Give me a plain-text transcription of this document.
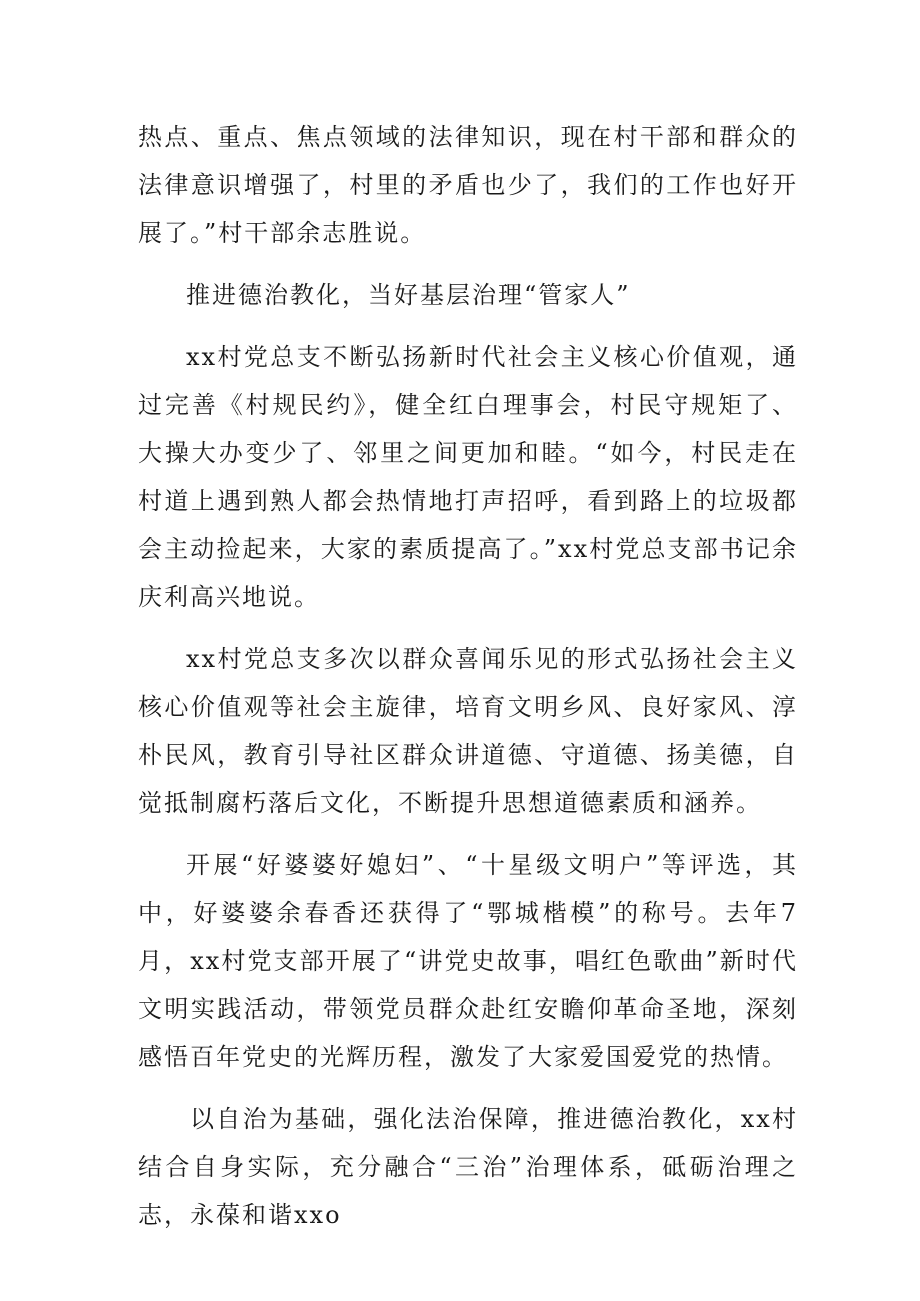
热点、重点、焦点领域的法律知识，现在村干部和群众的法律意识增强了，村里的矛盾也少了，我们的工作也好开展了。”村干部余志胜说。

推进德治教化，当好基层治理“管家人”

xx村党总支不断弘扬新时代社会主义核心价值观，通过完善《村规民约》，健全红白理事会，村民守规矩了、大操大办变少了、邻里之间更加和睦。“如今，村民走在村道上遇到熟人都会热情地打声招呼，看到路上的垃圾都会主动捡起来，大家的素质提高了。”xx村党总支部书记余庆利高兴地说。

xx村党总支多次以群众喜闻乐见的形式弘扬社会主义核心价值观等社会主旋律，培育文明乡风、良好家风、淳朴民风，教育引导社区群众讲道德、守道德、扬美德，自觉抵制腐朽落后文化，不断提升思想道德素质和涵养。

开展“好婆婆好媳妇”、“十星级文明户”等评选，其中，好婆婆余春香还获得了“鄂城楷模”的称号。去年7月，xx村党支部开展了“讲党史故事，唱红色歌曲”新时代文明实践活动，带领党员群众赴红安瞻仰革命圣地，深刻感悟百年党史的光辉历程，激发了大家爱国爱党的热情。

以自治为基础，强化法治保障，推进德治教化，xx村结合自身实际，充分融合“三治”治理体系，砥砺治理之志，永葆和谐xxo
